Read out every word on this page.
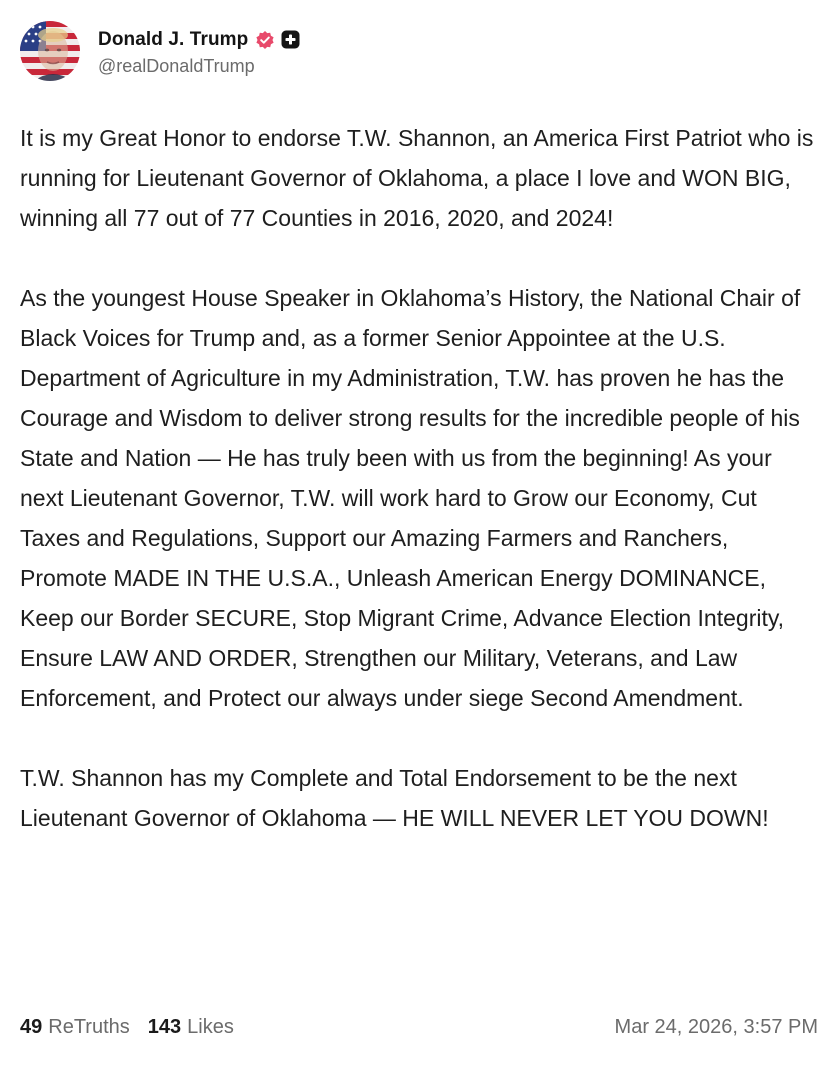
Donald J. Trump
@realDonaldTrump

It is my Great Honor to endorse T.W. Shannon, an America First Patriot who is running for Lieutenant Governor of Oklahoma, a place I love and WON BIG, winning all 77 out of 77 Counties in 2016, 2020, and 2024!

As the youngest House Speaker in Oklahoma’s History, the National Chair of Black Voices for Trump and, as a former Senior Appointee at the U.S. Department of Agriculture in my Administration, T.W. has proven he has the Courage and Wisdom to deliver strong results for the incredible people of his State and Nation — He has truly been with us from the beginning! As your next Lieutenant Governor, T.W. will work hard to Grow our Economy, Cut Taxes and Regulations, Support our Amazing Farmers and Ranchers, Promote MADE IN THE U.S.A., Unleash American Energy DOMINANCE, Keep our Border SECURE, Stop Migrant Crime, Advance Election Integrity, Ensure LAW AND ORDER, Strengthen our Military, Veterans, and Law Enforcement, and Protect our always under siege Second Amendment.

T.W. Shannon has my Complete and Total Endorsement to be the next Lieutenant Governor of Oklahoma — HE WILL NEVER LET YOU DOWN!

49 ReTruths 143 Likes	Mar 24, 2026, 3:57 PM
